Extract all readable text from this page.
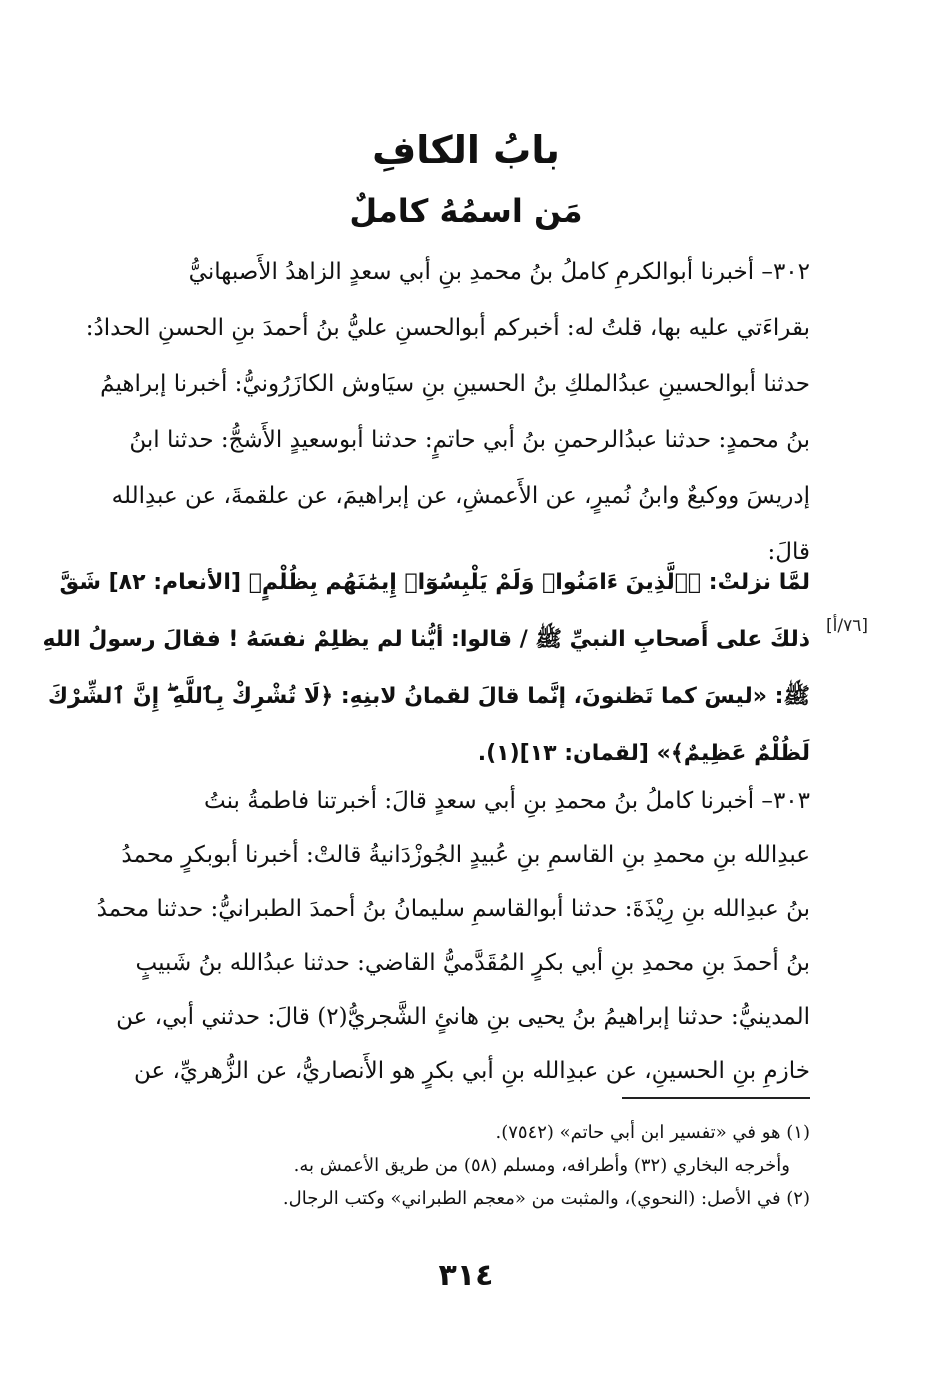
بابُ الكافِ
مَن اسمُهُ كاملٌ
٣٠٢– أخبرنا أبوالكرمِ كاملُ بنُ محمدِ بنِ أبي سعدٍ الزاهدُ الأَصبهانيُّ
بقراءَتي عليه بها، قلتُ له: أخبركم أبوالحسنِ عليُّ بنُ أحمدَ بنِ الحسنِ الحدادُ:
حدثنا أبوالحسينِ عبدُالملكِ بنُ الحسينِ بنِ سيَاوش الكازَرُونيُّ: أخبرنا إبراهيمُ
بنُ محمدٍ: حدثنا عبدُالرحمنِ بنُ أبي حاتمٍ: حدثنا أبوسعيدٍ الأَشجُّ: حدثنا ابنُ
إدريسَ ووكيعٌ وابنُ نُميرٍ، عن الأَعمشِ، عن إبراهيمَ، عن علقمةَ، عن عبدِالله
قالَ:
لمَّا نزلتْ: ﴿ٱلَّذِينَ ءَامَنُوا۟ وَلَمْ يَلْبِسُوٓا۟ إِيمَٰنَهُم بِظُلْمٍ﴾ [الأنعام: ٨٢] شَقَّ
ذلكَ على أَصحابِ النبيِّ ﷺ / قالوا: أيُّنا لم يظلِمْ نفسَهُ ! فقالَ رسولُ اللهِ
ﷺ: «ليسَ كما تَظنونَ، إنَّما قالَ لقمانُ لابنِهِ: ﴿لَا تُشْرِكْ بِٱللَّهِ ۖ إِنَّ ٱلشِّرْكَ
لَظُلْمٌ عَظِيمٌ﴾» [لقمان: ١٣](١).
[٧٦/أ]
٣٠٣– أخبرنا كاملُ بنُ محمدِ بنِ أبي سعدٍ قالَ: أخبرتنا فاطمةُ بنتُ
عبدِالله بنِ محمدِ بنِ القاسمِ بنِ عُبيدٍ الجُوزْدَانيةُ قالتْ: أخبرنا أبوبكرٍ محمدُ
بنُ عبدِالله بنِ رِيْذَةَ: حدثنا أبوالقاسمِ سليمانُ بنُ أحمدَ الطبرانيُّ: حدثنا محمدُ
بنُ أحمدَ بنِ محمدِ بنِ أبي بكرٍ المُقَدَّميُّ القاضي: حدثنا عبدُالله بنُ شَبيبٍ
المدينيُّ: حدثنا إبراهيمُ بنُ يحيى بنِ هانئٍ الشَّجريُّ(٢) قالَ: حدثني أبي، عن
خازمِ بنِ الحسينِ، عن عبدِالله بنِ أبي بكرٍ هو الأَنصاريُّ، عن الزُّهريِّ، عن
(١) هو في «تفسير ابن أبي حاتم» (٧٥٤٢).
وأخرجه البخاري (٣٢) وأطرافه، ومسلم (٥٨) من طريق الأعمش به.
(٢) في الأصل: (النحوي)، والمثبت من «معجم الطبراني» وكتب الرجال.
٣١٤
